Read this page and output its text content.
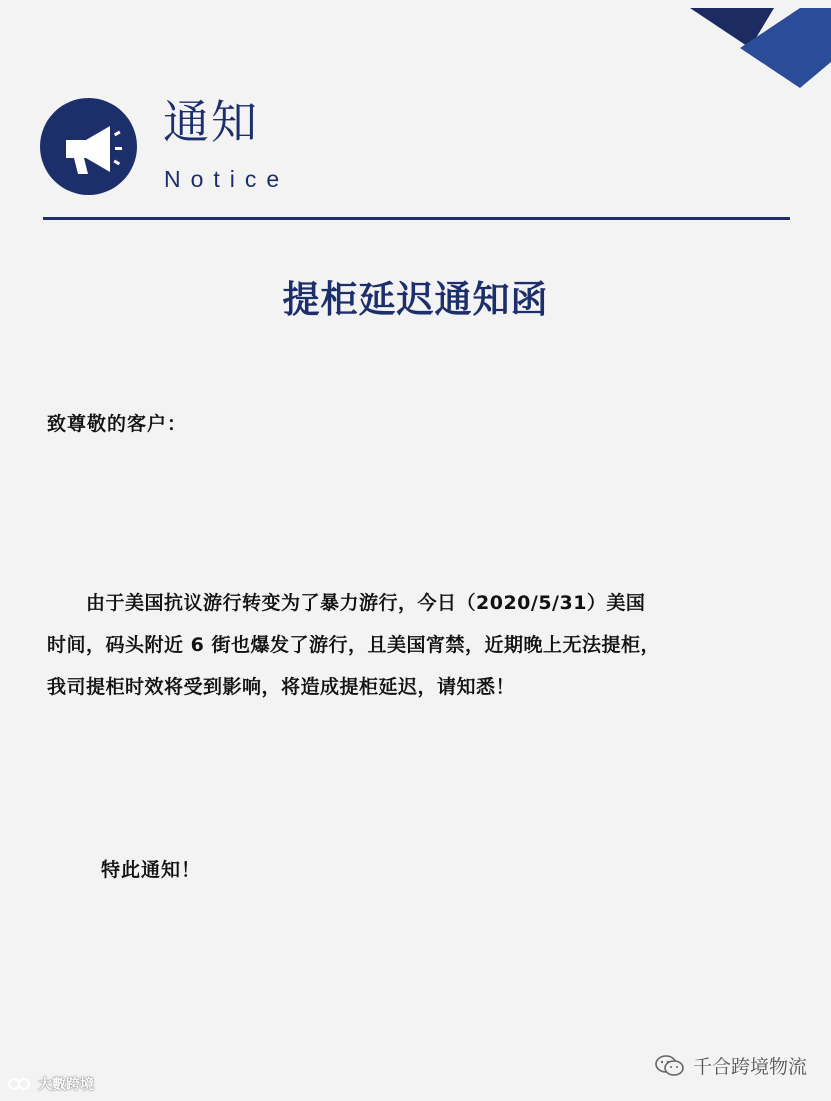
通知
Notice
提柜延迟通知函
致尊敬的客户：

　　由于美国抗议游行转变为了暴力游行，今日（2020/5/31）美国

时间，码头附近 6 街也爆发了游行，且美国宵禁，近期晚上无法提柜，

我司提柜时效将受到影响，将造成提柜延迟，请知悉！

特此通知！
千合跨境物流
大數跨境
